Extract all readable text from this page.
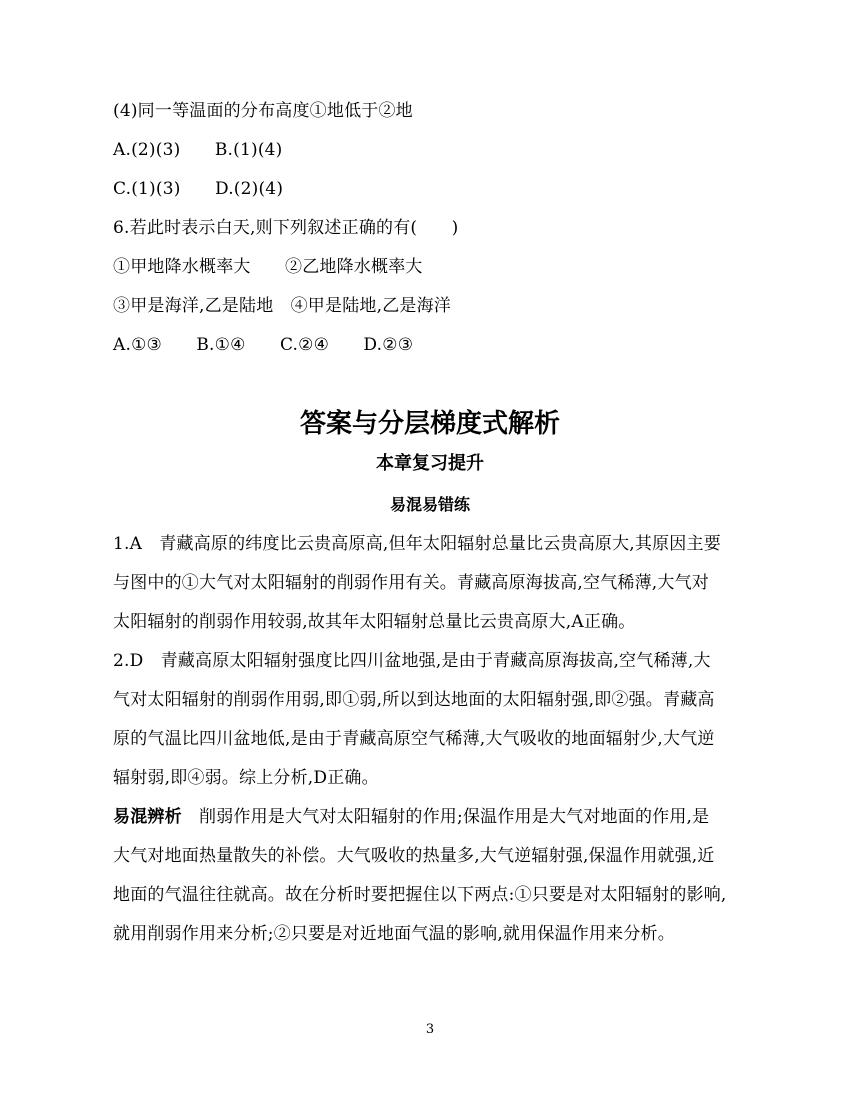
(4)同一等温面的分布高度①地低于②地
A.(2)(3)　　B.(1)(4)
C.(1)(3)　　D.(2)(4)
6.若此时表示白天,则下列叙述正确的有(　　)
①甲地降水概率大　　②乙地降水概率大
③甲是海洋,乙是陆地　④甲是陆地,乙是海洋
A.①③　　B.①④　　C.②④　　D.②③
答案与分层梯度式解析
本章复习提升
易混易错练
1.A　青藏高原的纬度比云贵高原高,但年太阳辐射总量比云贵高原大,其原因主要
与图中的①大气对太阳辐射的削弱作用有关。青藏高原海拔高,空气稀薄,大气对
太阳辐射的削弱作用较弱,故其年太阳辐射总量比云贵高原大,A正确。
2.D　青藏高原太阳辐射强度比四川盆地强,是由于青藏高原海拔高,空气稀薄,大
气对太阳辐射的削弱作用弱,即①弱,所以到达地面的太阳辐射强,即②强。青藏高
原的气温比四川盆地低,是由于青藏高原空气稀薄,大气吸收的地面辐射少,大气逆
辐射弱,即④弱。综上分析,D正确。
易混辨析　削弱作用是大气对太阳辐射的作用;保温作用是大气对地面的作用,是
大气对地面热量散失的补偿。大气吸收的热量多,大气逆辐射强,保温作用就强,近
地面的气温往往就高。故在分析时要把握住以下两点:①只要是对太阳辐射的影响,
就用削弱作用来分析;②只要是对近地面气温的影响,就用保温作用来分析。
3
